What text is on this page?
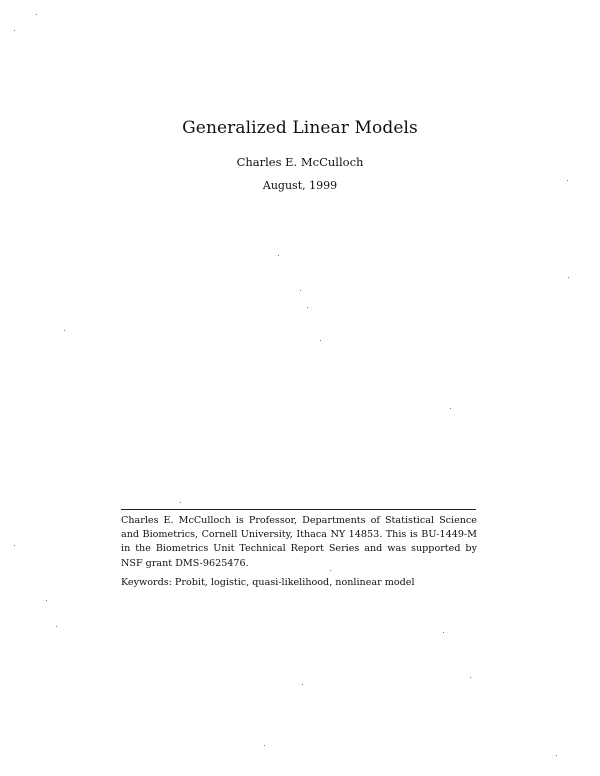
Generalized Linear Models
Charles E. McCulloch
August, 1999
Charles E. McCulloch is Professor, Departments of Statistical Science and Biometrics, Cornell University, Ithaca NY 14853. This is BU-1449-M in the Biometrics Unit Technical Report Series and was supported by NSF grant DMS-9625476.
Keywords: Probit, logistic, quasi-likelihood, nonlinear model
